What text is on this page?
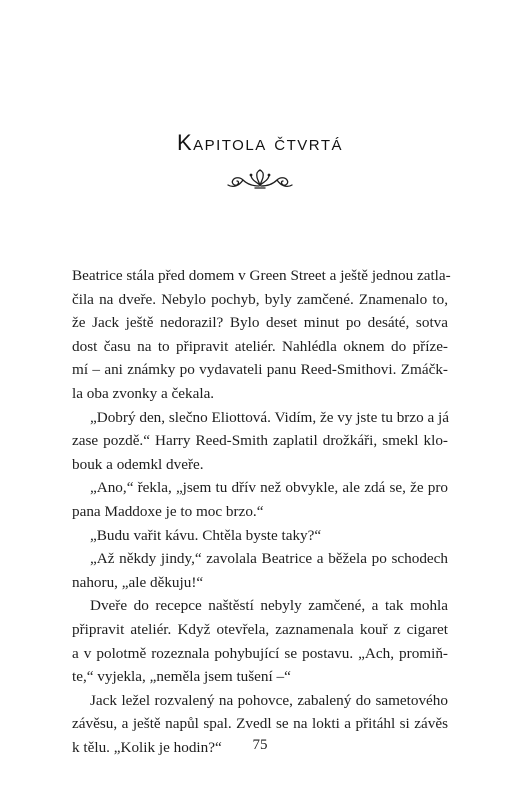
Kapitola čtvrtá

Beatrice stála před domem v Green Street a ještě jednou zatla-
čila na dveře. Nebylo pochyb, byly zamčené. Znamenalo to,
že Jack ještě nedorazil? Bylo deset minut po desáté, sotva
dost času na to připravit ateliér. Nahlédla oknem do přízе-
mí – ani známky po vydavateli panu Reed-Smithovi. Zmáčk-
la oba zvonky a čekala.

„Dobrý den, slečno Eliottová. Vidím, že vy jste tu brzo a já
zase pozdě.“ Harry Reed-Smith zaplatil drožkáři, smekl klo-
bouk a odemkl dveře.

„Ano,“ řekla, „jsem tu dřív než obvykle, ale zdá se, že pro
pana Maddoxe je to moc brzo.“

„Budu vařit kávu. Chtěla byste taky?“

„Až někdy jindy,“ zavolala Beatrice a běžela po schodech
nahoru, „ale děkuju!“

Dveře do recepce naštěstí nebyly zamčené, a tak mohla
připravit ateliér. Když otevřela, zaznamenala kouř z cigaret
a v polotmě rozeznala pohybující se postavu. „Ach, promiň-
te,“ vyjekla, „neměla jsem tušení –“

Jack ležel rozvalený na pohovce, zabalený do sametového
závěsu, a ještě napůl spal. Zvedl se na lokti a přitáhl si závěs
k tělu. „Kolik je hodin?“	75
